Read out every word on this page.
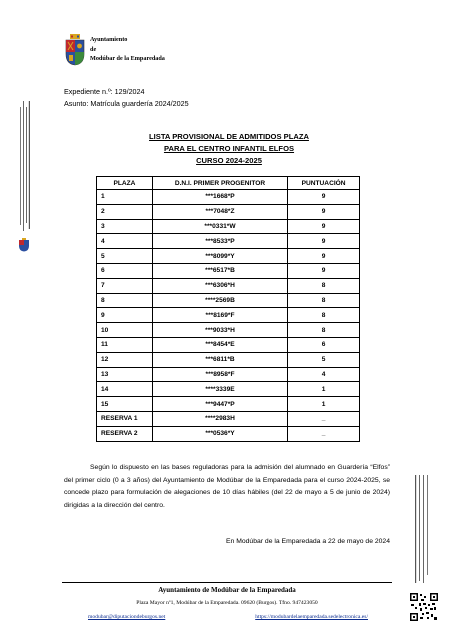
Ayuntamiento
de
Modúbar de la Emparedada
Expediente n.º: 129/2024
Asunto: Matrícula guardería 2024/2025
LISTA PROVISIONAL DE ADMITIDOS PLAZA
PARA EL CENTRO INFANTIL ELFOS
CURSO 2024-2025
PLAZA	D.N.I. PRIMER PROGENITOR	PUNTUACIÓN
1	***1668*P	9
2	***7048*Z	9
3	***0331*W	9
4	***8533*P	9
5	***8099*Y	9
6	***6517*B	9
7	***6306*H	8
8	****2569B	8
9	***8169*F	8
10	***9033*H	8
11	***8454*E	6
12	***6811*B	5
13	***8958*F	4
14	****3339E	1
15	***9447*P	1
RESERVA 1	****2983H	_
RESERVA 2	***0536*Y	_
Según lo dispuesto en las bases reguladoras para la admisión del alumnado en Guardería “Elfos” del primer ciclo (0 a 3 años) del Ayuntamiento de Modúbar de la Emparedada para el curso 2024-2025, se concede plazo para formulación de alegaciones de 10 días hábiles (del 22 de mayo a 5 de junio de 2024) dirigidas a la dirección del centro.
En Modúbar de la Emparedada a 22 de mayo de 2024
Ayuntamiento de Modúbar de la Emparedada
Plaza Mayor nº1, Modúbar de la Emparedada. 09620 (Burgos). Tfno. 947423050
modubar@diputaciondeburgos.net	https://modubardelaemparedada.sedelectronica.es/
